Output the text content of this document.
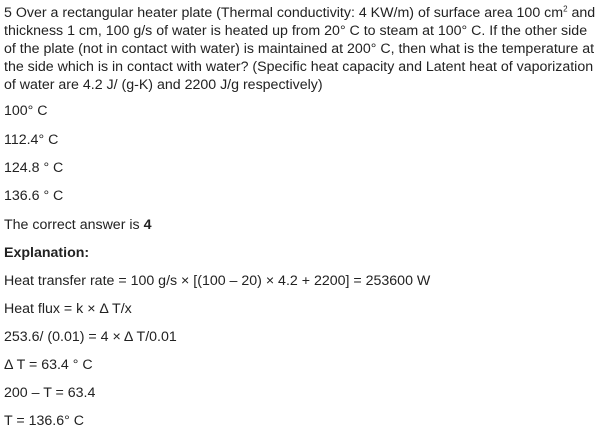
5 Over a rectangular heater plate (Thermal conductivity: 4 KW/m) of surface area 100 $cm^2$ and thickness 1 cm, 100 g/s of water is heated up from 20° C to steam at 100° C. If the other side of the plate (not in contact with water) is maintained at 200° C, then what is the temperature at the side which is in contact with water? (Specific heat capacity and Latent heat of vaporization of water are 4.2 J/ (g-K) and 2200 J/g respectively)

100° C
112.4° C
124.8 ° C
136.6 ° C
The correct answer is 4
Explanation:
Heat transfer rate = 100 g/s × [(100 – 20) × 4.2 + 2200] = 253600 W
Heat flux = k × Δ T/x
253.6/ (0.01) = 4 × Δ T/0.01
Δ T = 63.4 ° C
200 – T = 63.4
T = 136.6° C
